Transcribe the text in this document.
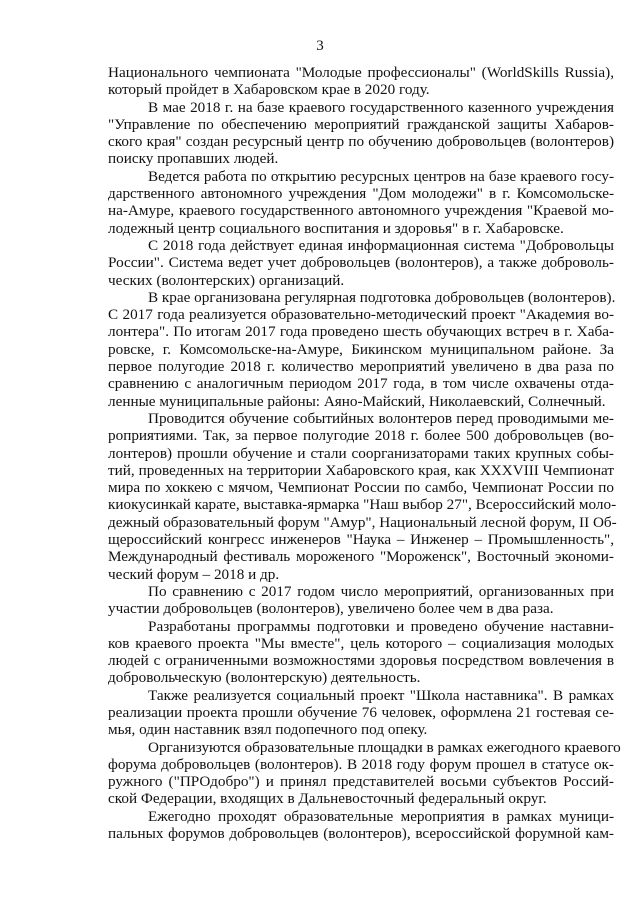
3
Национального чемпионата "Молодые профессионалы" (WorldSkills Russia),
который пройдет в Хабаровском крае в 2020 году.
В мае 2018 г. на базе краевого государственного казенного учреждения
"Управление по обеспечению мероприятий гражданской защиты Хабаров-
ского края" создан ресурсный центр по обучению добровольцев (волонтеров)
поиску пропавших людей.
Ведется работа по открытию ресурсных центров на базе краевого госу-
дарственного автономного учреждения "Дом молодежи" в г. Комсомольске-
на-Амуре, краевого государственного автономного учреждения "Краевой мо-
лодежный центр социального воспитания и здоровья" в г. Хабаровске.
С 2018 года действует единая информационная система "Добровольцы
России". Система ведет учет добровольцев (волонтеров), а также доброволь-
ческих (волонтерских) организаций.
В крае организована регулярная подготовка добровольцев (волонтеров).
С 2017 года реализуется образовательно-методический проект "Академия во-
лонтера". По итогам 2017 года проведено шесть обучающих встреч в г. Хаба-
ровске, г. Комсомольске-на-Амуре, Бикинском муниципальном районе. За
первое полугодие 2018 г. количество мероприятий увеличено в два раза по
сравнению с аналогичным периодом 2017 года, в том числе охвачены отда-
ленные муниципальные районы: Аяно-Майский, Николаевский, Солнечный.
Проводится обучение событийных волонтеров перед проводимыми ме-
роприятиями. Так, за первое полугодие 2018 г. более 500 добровольцев (во-
лонтеров) прошли обучение и стали соорганизаторами таких крупных собы-
тий, проведенных на территории Хабаровского края, как XXXVIII Чемпионат
мира по хоккею с мячом, Чемпионат России по самбо, Чемпионат России по
киокусинкай карате, выставка-ярмарка "Наш выбор 27", Всероссийский моло-
дежный образовательный форум "Амур", Национальный лесной форум, II Об-
щероссийский конгресс инженеров "Наука – Инженер – Промышленность",
Международный фестиваль мороженого "Мороженск", Восточный экономи-
ческий форум – 2018 и др.
По сравнению с 2017 годом число мероприятий, организованных при
участии добровольцев (волонтеров), увеличено более чем в два раза.
Разработаны программы подготовки и проведено обучение наставни-
ков краевого проекта "Мы вместе", цель которого – социализация молодых
людей с ограниченными возможностями здоровья посредством вовлечения в
добровольческую (волонтерскую) деятельность.
Также реализуется социальный проект "Школа наставника". В рамках
реализации проекта прошли обучение 76 человек, оформлена 21 гостевая се-
мья, один наставник взял подопечного под опеку.
Организуются образовательные площадки в рамках ежегодного краевого
форума добровольцев (волонтеров). В 2018 году форум прошел в статусе ок-
ружного ("ПРОдобро") и принял представителей восьми субъектов Россий-
ской Федерации, входящих в Дальневосточный федеральный округ.
Ежегодно проходят образовательные мероприятия в рамках муници-
пальных форумов добровольцев (волонтеров), всероссийской форумной кам-
